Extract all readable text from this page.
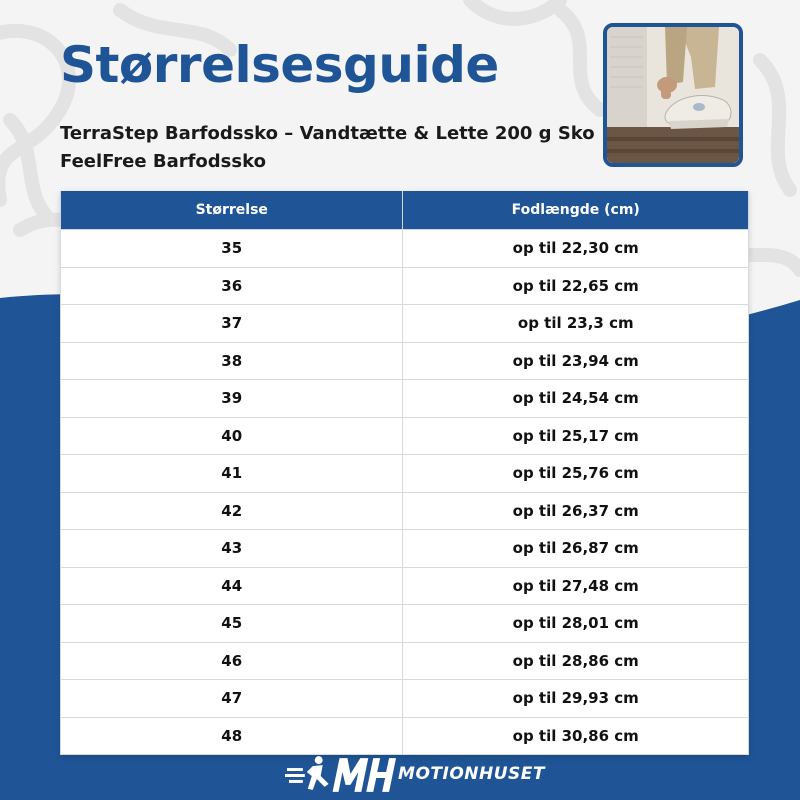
Størrelsesguide

TerraStep Barfodssko – Vandtætte & Lette 200 g Sko

FeelFree Barfodssko

Størrelse	Fodlængde (cm)
35	op til 22,30 cm
36	op til 22,65 cm
37	op til 23,3 cm
38	op til 23,94 cm
39	op til 24,54 cm
40	op til 25,17 cm
41	op til 25,76 cm
42	op til 26,37 cm
43	op til 26,87 cm
44	op til 27,48 cm
45	op til 28,01 cm
46	op til 28,86 cm
47	op til 29,93 cm
48	op til 30,86 cm
MOTIONHUSET
